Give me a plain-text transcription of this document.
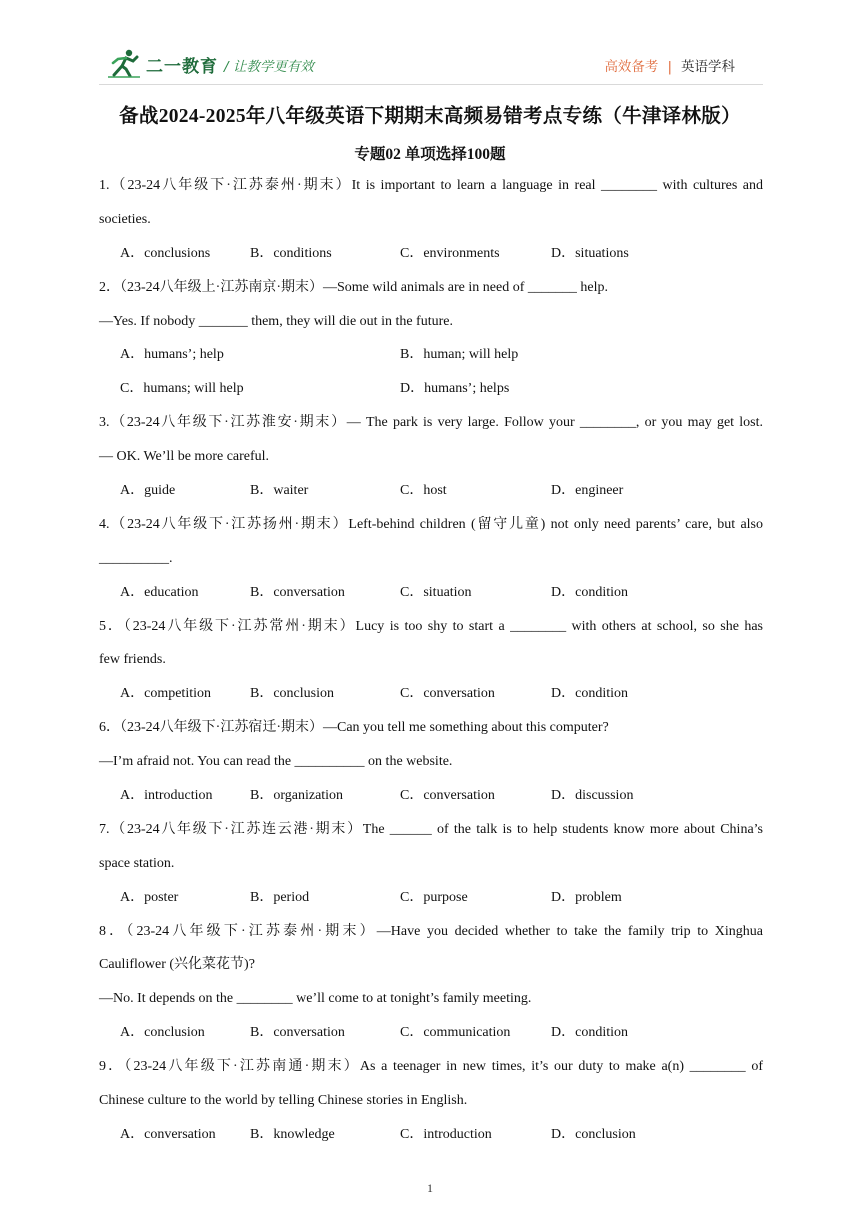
二一教育 / 让教学更有效	高效备考 | 英语学科
备战2024-2025年八年级英语下期期末高频易错考点专练（牛津译林版）
专题02 单项选择100题
1.（23-24八年级下·江苏泰州·期末）It is important to learn a language in real ________ with cultures and
societies.
A．conclusions	B．conditions	C．environments	D．situations
2．（23-24八年级上·江苏南京·期末）—Some wild animals are in need of _______ help.
—Yes. If nobody _______ them, they will die out in the future.
A．humans’; help	B．human; will help
C．humans; will help	D．humans’; helps
3.（23-24八年级下·江苏淮安·期末）— The park is very large. Follow your ________, or you may get lost.
— OK. We’ll be more careful.
A．guide	B．waiter	C．host	D．engineer
4.（23-24八年级下·江苏扬州·期末）Left-behind children (留守儿童) not only need parents’ care, but also
__________.
A．education	B．conversation	C．situation	D．condition
5．（23-24八年级下·江苏常州·期末）Lucy is too shy to start a ________ with others at school, so she has
few friends.
A．competition	B．conclusion	C．conversation	D．condition
6．（23-24八年级下·江苏宿迁·期末）—Can you tell me something about this computer?
—I’m afraid not. You can read the __________ on the website.
A．introduction	B．organization	C．conversation	D．discussion
7.（23-24八年级下·江苏连云港·期末）The ______ of the talk is to help students know more about China’s
space station.
A．poster	B．period	C．purpose	D．problem
8．（23-24八年级下·江苏泰州·期末）—Have you decided whether to take the family trip to Xinghua
Cauliflower (兴化菜花节)?
—No. It depends on the ________ we’ll come to at tonight’s family meeting.
A．conclusion	B．conversation	C．communication	D．condition
9．（23-24八年级下·江苏南通·期末）As a teenager in new times, it’s our duty to make a(n) ________ of
Chinese culture to the world by telling Chinese stories in English.
A．conversation	B．knowledge	C．introduction	D．conclusion
1
